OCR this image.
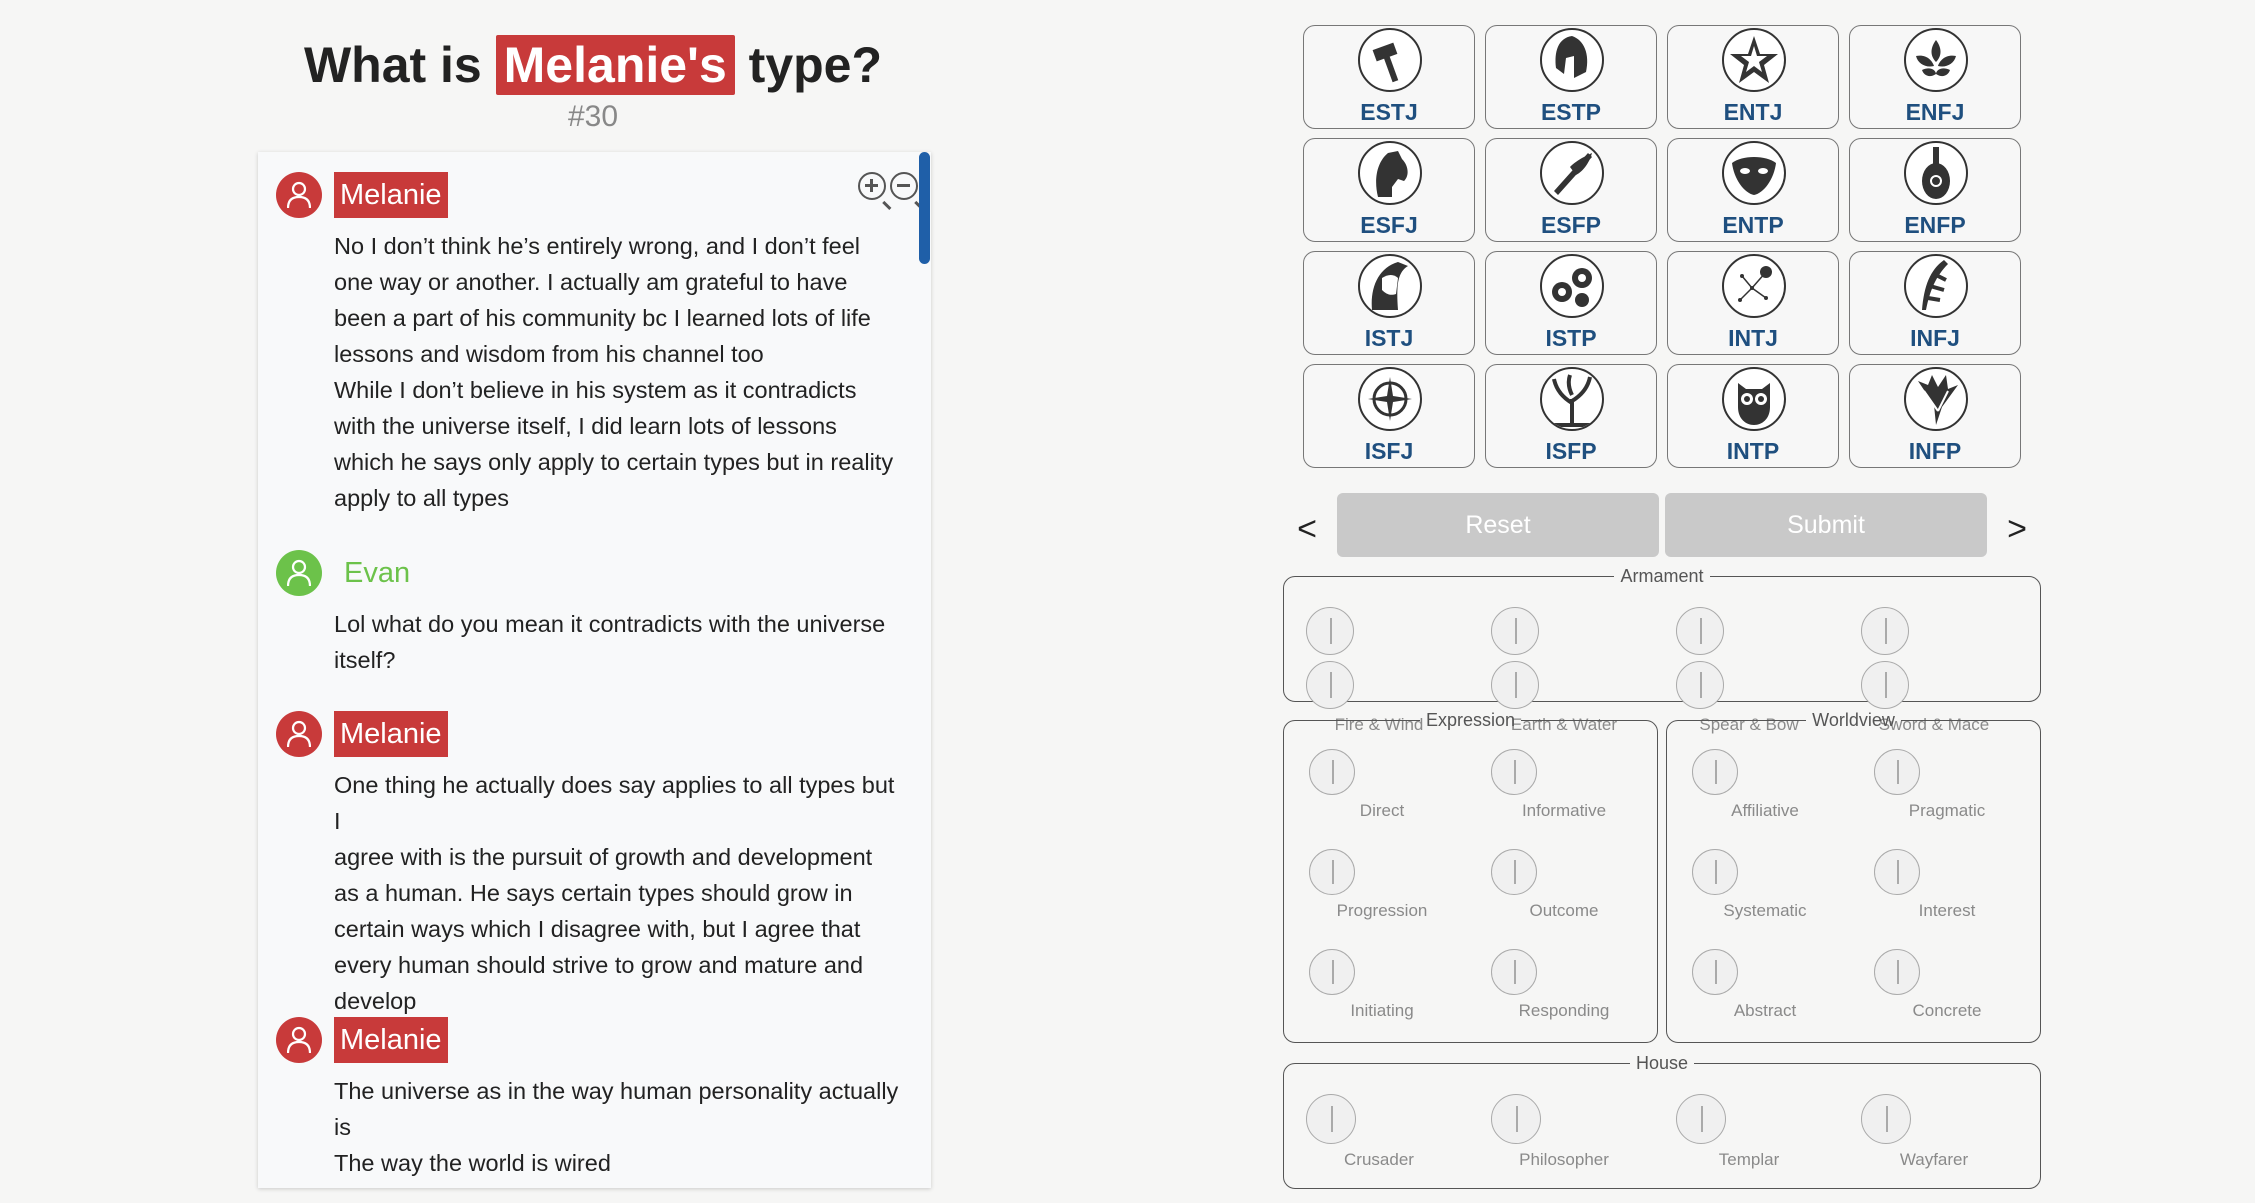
What is Melanie's type?
#30
Melanie
No I don’t think he’s entirely wrong, and I don’t feel
one way or another. I actually am grateful to have
been a part of his community bc I learned lots of life
lessons and wisdom from his channel too
While I don’t believe in his system as it contradicts
with the universe itself, I did learn lots of lessons
which he says only apply to certain types but in reality
apply to all types
Evan
Lol what do you mean it contradicts with the universe
itself?
Melanie
One thing he actually does say applies to all types but I
agree with is the pursuit of growth and development
as a human. He says certain types should grow in
certain ways which I disagree with, but I agree that
every human should strive to grow and mature and
develop
Melanie
The universe as in the way human personality actually
is
The way the world is wired
ESTJ	ESTP	ENTJ	ENFJ
ESFJ	ESFP	ENTP	ENFP
ISTJ	ISTP	INTJ	INFJ
ISFJ	ISFP	INTP	INFP
<	Reset	Submit	>
Armament
Fire & Wind	Earth & Water	Spear & Bow	Sword & Mace
Expression
Direct	Informative
Progression	Outcome
Initiating	Responding
Worldview
Affiliative	Pragmatic
Systematic	Interest
Abstract	Concrete
House
Crusader	Philosopher	Templar	Wayfarer
